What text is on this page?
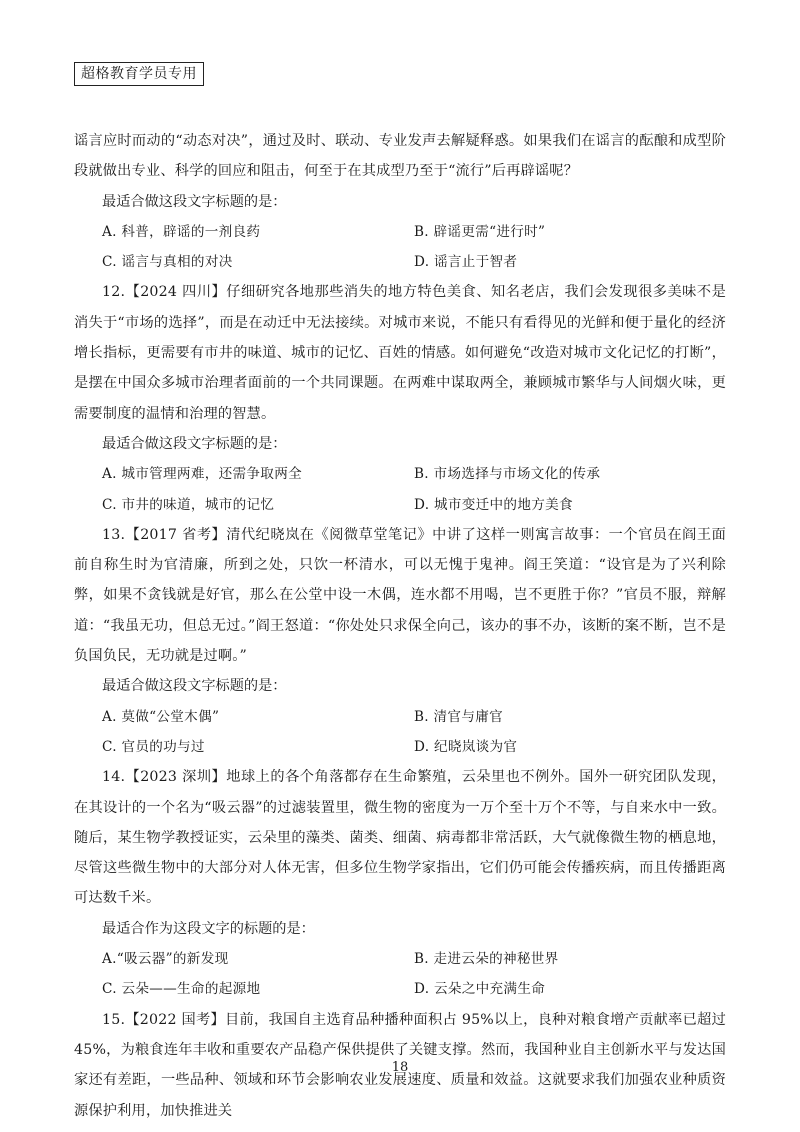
超格教育学员专用

谣言应时而动的“动态对决”，通过及时、联动、专业发声去解疑释惑。如果我们在谣言的酝酿和成型阶段就做出专业、科学的回应和阻击，何至于在其成型乃至于“流行”后再辟谣呢？

最适合做这段文字标题的是：

A. 科普，辟谣的一剂良药	B. 辟谣更需“进行时”
C. 谣言与真相的对决	D. 谣言止于智者

12.【2024 四川】仔细研究各地那些消失的地方特色美食、知名老店，我们会发现很多美味不是消失于“市场的选择”，而是在动迁中无法接续。对城市来说，不能只有看得见的光鲜和便于量化的经济增长指标，更需要有市井的味道、城市的记忆、百姓的情感。如何避免“改造对城市文化记忆的打断”，是摆在中国众多城市治理者面前的一个共同课题。在两难中谋取两全，兼顾城市繁华与人间烟火味，更需要制度的温情和治理的智慧。

最适合做这段文字标题的是：

A. 城市管理两难，还需争取两全	B. 市场选择与市场文化的传承
C. 市井的味道，城市的记忆	D. 城市变迁中的地方美食

13.【2017 省考】清代纪晓岚在《阅微草堂笔记》中讲了这样一则寓言故事：一个官员在阎王面前自称生时为官清廉，所到之处，只饮一杯清水，可以无愧于鬼神。阎王笑道：“设官是为了兴利除弊，如果不贪钱就是好官，那么在公堂中设一木偶，连水都不用喝，岂不更胜于你？”官员不服，辩解道：“我虽无功，但总无过。”阎王怒道：“你处处只求保全向己，该办的事不办，该断的案不断，岂不是负国负民，无功就是过啊。”

最适合做这段文字标题的是：

A. 莫做“公堂木偶”	B. 清官与庸官
C. 官员的功与过	D. 纪晓岚谈为官

14.【2023 深圳】地球上的各个角落都存在生命繁殖，云朵里也不例外。国外一研究团队发现，在其设计的一个名为“吸云器”的过滤装置里，微生物的密度为一万个至十万个不等，与自来水中一致。随后，某生物学教授证实，云朵里的藻类、菌类、细菌、病毒都非常活跃，大气就像微生物的栖息地，尽管这些微生物中的大部分对人体无害，但多位生物学家指出，它们仍可能会传播疾病，而且传播距离可达数千米。

最适合作为这段文字的标题的是：

A.“吸云器”的新发现	B. 走进云朵的神秘世界
C. 云朵——生命的起源地	D. 云朵之中充满生命

15.【2022 国考】目前，我国自主选育品种播种面积占 95%以上，良种对粮食增产贡献率已超过 45%，为粮食连年丰收和重要农产品稳产保供提供了关键支撑。然而，我国种业自主创新水平与发达国家还有差距，一些品种、领域和环节会影响农业发展速度、质量和效益。这就要求我们加强农业种质资源保护利用，加快推进关

18
